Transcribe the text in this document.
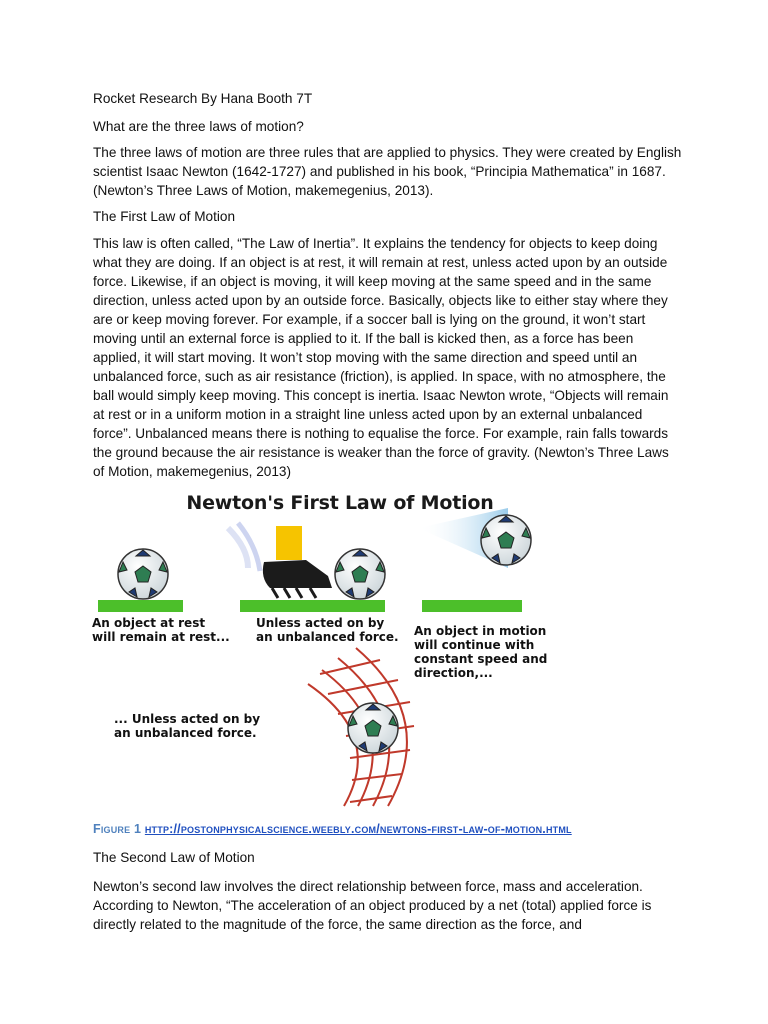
Rocket Research By Hana Booth 7T

What are the three laws of motion?

The three laws of motion are three rules that are applied to physics. They were created by English scientist Isaac Newton (1642-1727) and published in his book, “Principia Mathematica” in 1687. (Newton’s Three Laws of Motion, makemegenius, 2013).

The First Law of Motion

This law is often called, “The Law of Inertia”. It explains the tendency for objects to keep doing what they are doing. If an object is at rest, it will remain at rest, unless acted upon by an outside force. Likewise, if an object is moving, it will keep moving at the same speed and in the same direction, unless acted upon by an outside force. Basically, objects like to either stay where they are or keep moving forever. For example, if a soccer ball is lying on the ground, it won’t start moving until an external force is applied to it. If the ball is kicked then, as a force has been applied, it will start moving. It won’t stop moving with the same direction and speed until an unbalanced force, such as air resistance (friction), is applied. In space, with no atmosphere, the ball would simply keep moving. This concept is inertia. Isaac Newton wrote, “Objects will remain at rest or in a uniform motion in a straight line unless acted upon by an external unbalanced force”. Unbalanced means there is nothing to equalise the force. For example, rain falls towards the ground because the air resistance is weaker than the force of gravity. (Newton’s Three Laws of Motion, makemegenius, 2013)

Newton's First Law of Motion
An object at rest
will remain at rest...
Unless acted on by
an unbalanced force. An object in motion
will continue with
constant speed and
direction,...
... Unless acted on by
an unbalanced force.
Figure 1 http://postonphysicalscience.weebly.com/newtons-first-law-of-motion.html

The Second Law of Motion

Newton’s second law involves the direct relationship between force, mass and acceleration. According to Newton, “The acceleration of an object produced by a net (total) applied force is directly related to the magnitude of the force, the same direction as the force, and
